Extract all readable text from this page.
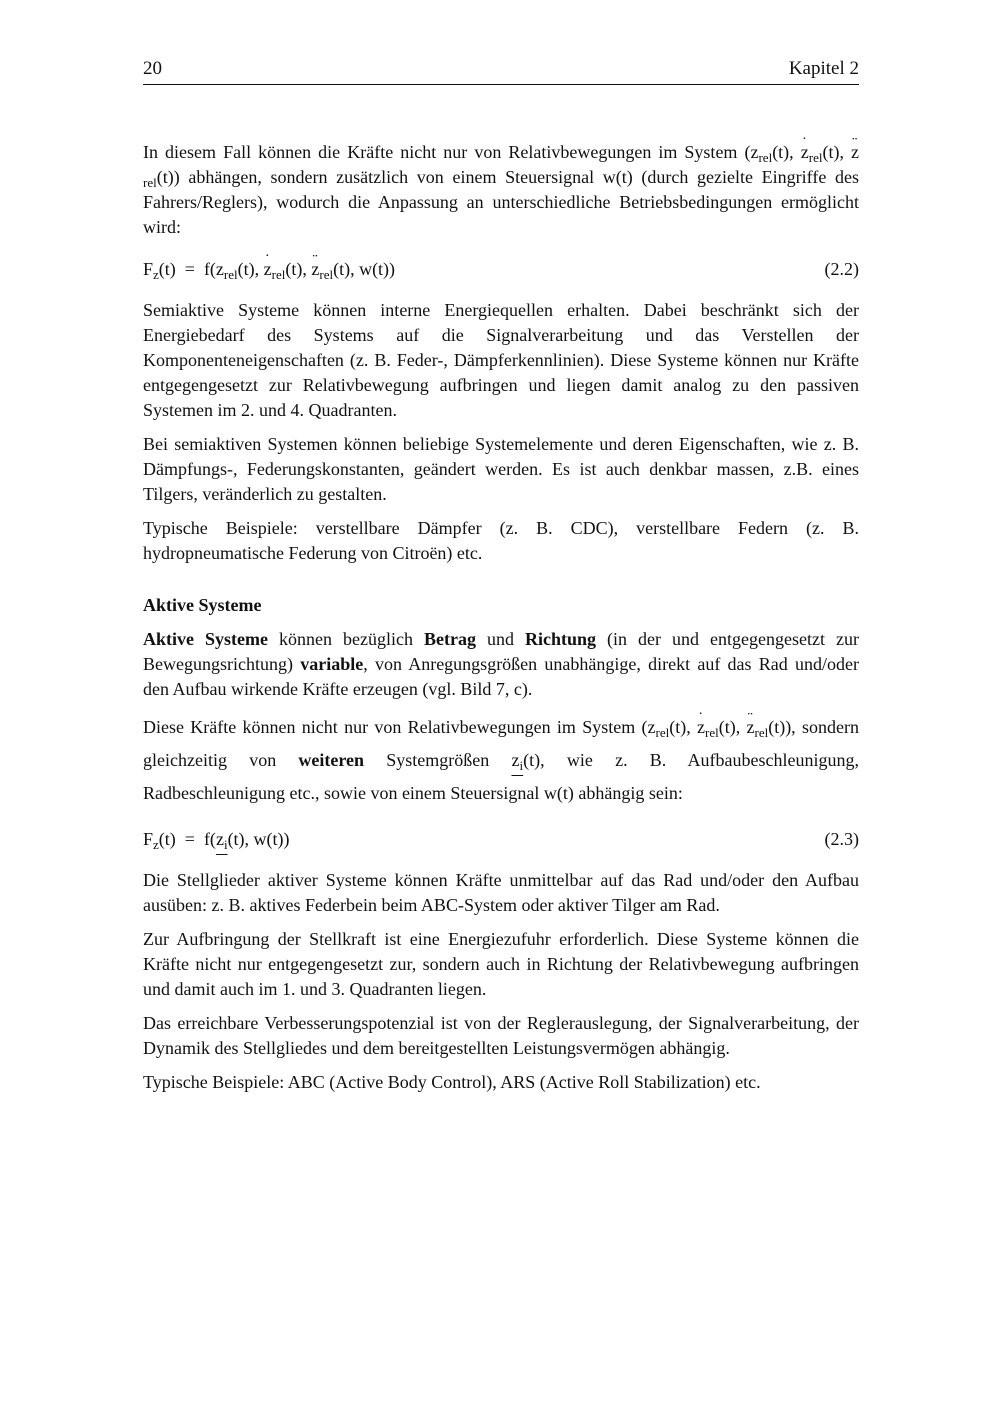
20	Kapitel 2

In diesem Fall können die Kräfte nicht nur von Relativbewegungen im System ($z_{rel}(t)$, ˙ $z_{rel}(t)$, ¨ $z_{rel}(t)$) abhängen, sondern zusätzlich von einem Steuersignal w(t) (durch gezielte Eingriffe des Fahrers/Reglers), wodurch die Anpassung an unterschiedliche Betriebsbedingungen ermöglicht wird:

$F_z(t) = f(z_{rel}(t)$, ˙ $z_{rel}(t)$, ¨ $z_{rel}(t)$, w(t))	(2.2)

Semiaktive Systeme können interne Energiequellen erhalten. Dabei beschränkt sich der Energiebedarf des Systems auf die Signalverarbeitung und das Verstellen der Komponenteneigenschaften (z. B. Feder-, Dämpferkennlinien). Diese Systeme können nur Kräfte entgegengesetzt zur Relativbewegung aufbringen und liegen damit analog zu den passiven Systemen im 2. und 4. Quadranten.

Bei semiaktiven Systemen können beliebige Systemelemente und deren Eigenschaften, wie z. B. Dämpfungs-, Federungskonstanten, geändert werden. Es ist auch denkbar massen, z.B. eines Tilgers, veränderlich zu gestalten.

Typische Beispiele: verstellbare Dämpfer (z. B. CDC), verstellbare Federn (z. B. hydropneumatische Federung von Citroën) etc.

Aktive Systeme

Aktive Systeme können bezüglich Betrag und Richtung (in der und entgegengesetzt zur Bewegungsrichtung) variable, von Anregungsgrößen unabhängige, direkt auf das Rad und/oder den Aufbau wirkende Kräfte erzeugen (vgl. Bild 7, c).

Diese Kräfte können nicht nur von Relativbewegungen im System ($z_{rel}(t)$, ˙ $z_{rel}(t)$, ¨ $z_{rel}(t)$), sondern gleichzeitig von weiteren Systemgrößen $z_i(t)$, wie z. B. Aufbaubeschleunigung, Radbeschleunigung etc., sowie von einem Steuersignal w(t) abhängig sein:

$F_z(t) = f(z_i(t)$, w(t))	(2.3)

Die Stellglieder aktiver Systeme können Kräfte unmittelbar auf das Rad und/oder den Aufbau ausüben: z. B. aktives Federbein beim ABC-System oder aktiver Tilger am Rad.

Zur Aufbringung der Stellkraft ist eine Energiezufuhr erforderlich. Diese Systeme können die Kräfte nicht nur entgegengesetzt zur, sondern auch in Richtung der Relativbewegung aufbringen und damit auch im 1. und 3. Quadranten liegen.

Das erreichbare Verbesserungspotenzial ist von der Reglerauslegung, der Signalverarbeitung, der Dynamik des Stellgliedes und dem bereitgestellten Leistungsvermögen abhängig.

Typische Beispiele: ABC (Active Body Control), ARS (Active Roll Stabilization) etc.
